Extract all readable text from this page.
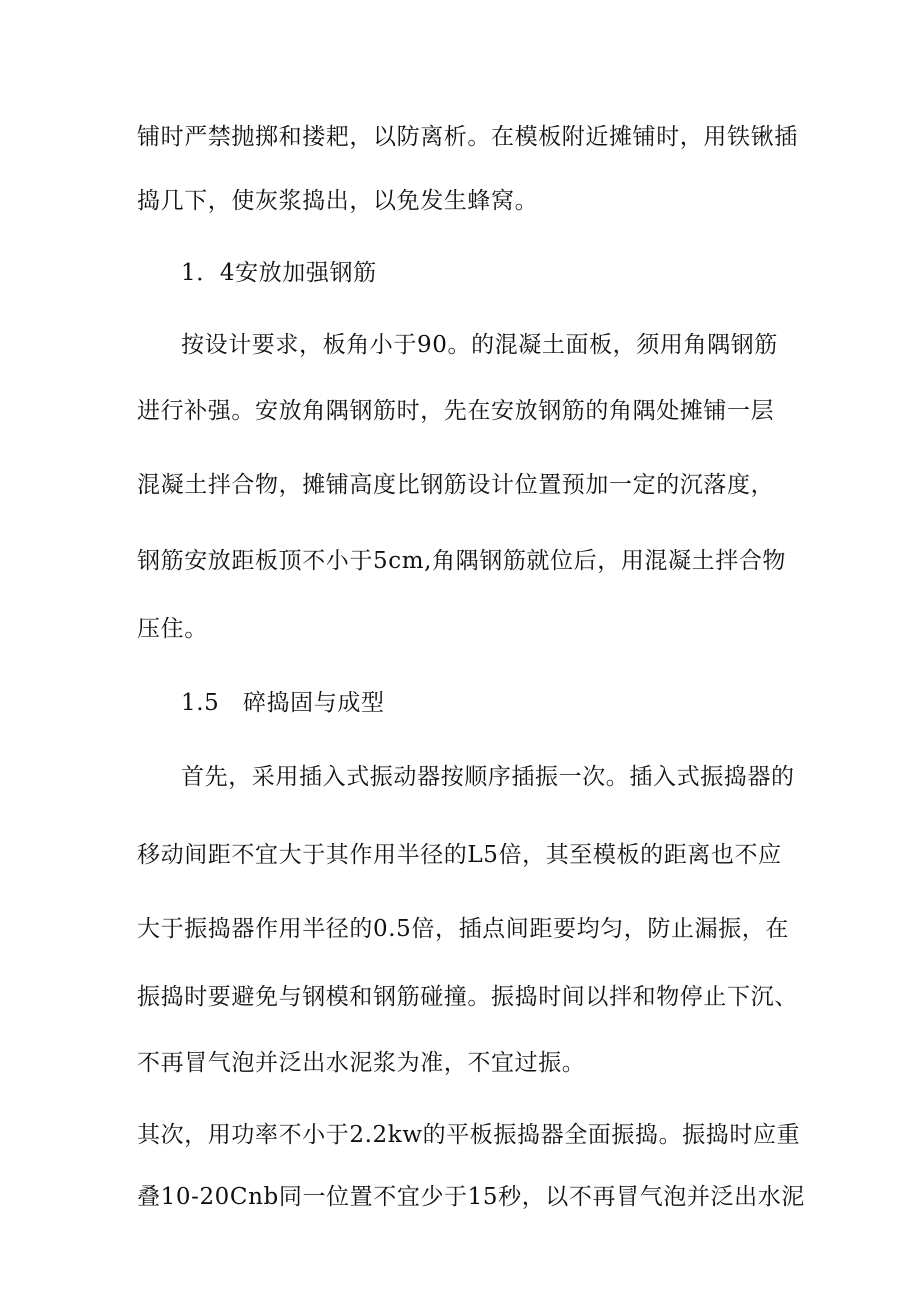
铺时严禁抛掷和搂耙，以防离析。在模板附近摊铺时，用铁锹插
捣几下，使灰浆捣出，以免发生蜂窝。
1．4安放加强钢筋
按设计要求，板角小于90。的混凝土面板，须用角隅钢筋
进行补强。安放角隅钢筋时，先在安放钢筋的角隅处摊铺一层
混凝土拌合物，摊铺高度比钢筋设计位置预加一定的沉落度，
钢筋安放距板顶不小于5cm,角隅钢筋就位后，用混凝土拌合物
压住。
1.5　碎捣固与成型
首先，采用插入式振动器按顺序插振一次。插入式振捣器的
移动间距不宜大于其作用半径的L5倍，其至模板的距离也不应
大于振捣器作用半径的0.5倍，插点间距要均匀，防止漏振，在
振捣时要避免与钢模和钢筋碰撞。振捣时间以拌和物停止下沉、
不再冒气泡并泛出水泥浆为准，不宜过振。
其次，用功率不小于2.2kw的平板振捣器全面振捣。振捣时应重
叠10-20Cnb同一位置不宜少于15秒，以不再冒气泡并泛出水泥
